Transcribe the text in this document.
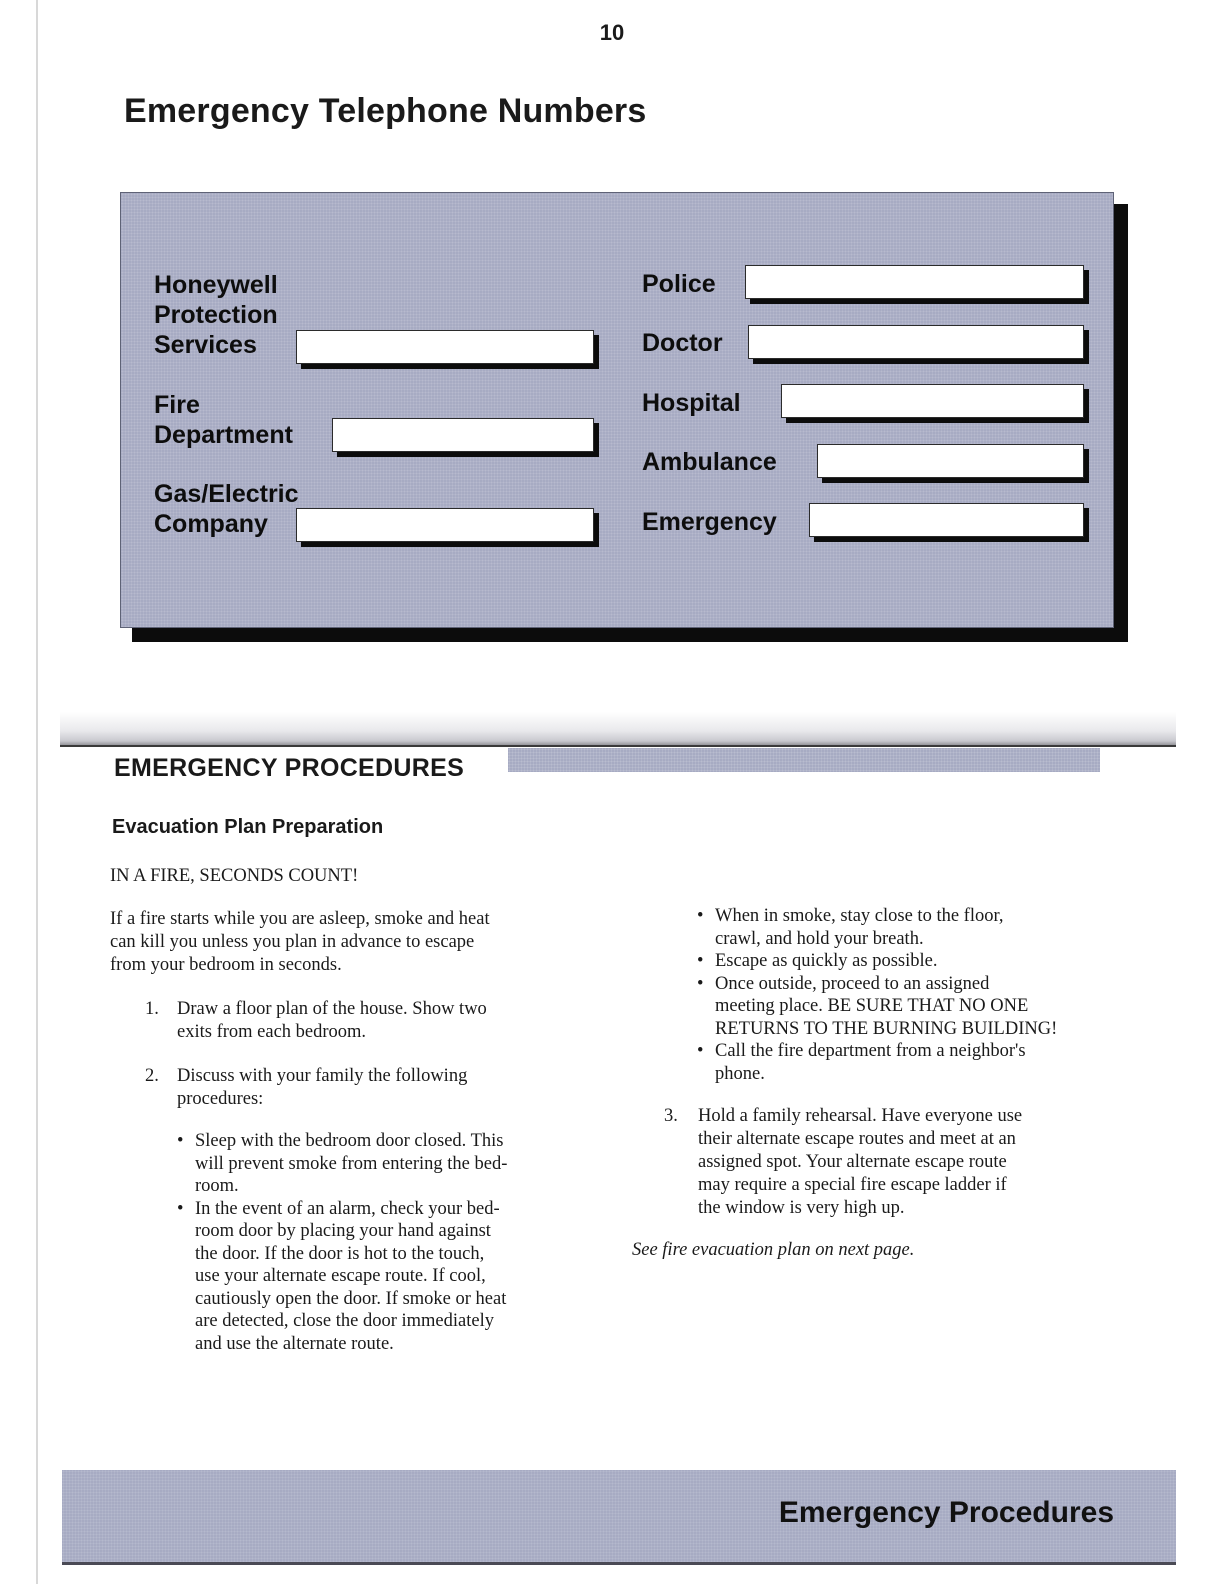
10
Emergency Telephone Numbers

Honeywell
Protection
Services

Fire
Department

Gas/Electric
Company

Police

Doctor

Hospital

Ambulance

Emergency

EMERGENCY PROCEDURES
Evacuation Plan Preparation

IN A FIRE, SECONDS COUNT!

If a fire starts while you are asleep, smoke and heat
can kill you unless you plan in advance to escape
from your bedroom in seconds.

1. Draw a floor plan of the house. Show two
exits from each bedroom.
2. Discuss with your family the following
procedures:
• Sleep with the bedroom door closed. This
will prevent smoke from entering the bed-
room.
• In the event of an alarm, check your bed-
room door by placing your hand against
the door. If the door is hot to the touch,
use your alternate escape route. If cool,
cautiously open the door. If smoke or heat
are detected, close the door immediately
and use the alternate route.
• When in smoke, stay close to the floor,
crawl, and hold your breath.
• Escape as quickly as possible.
• Once outside, proceed to an assigned
meeting place. BE SURE THAT NO ONE
RETURNS TO THE BURNING BUILDING!
• Call the fire department from a neighbor's
phone.
3. Hold a family rehearsal. Have everyone use
their alternate escape routes and meet at an
assigned spot. Your alternate escape route
may require a special fire escape ladder if
the window is very high up.

See fire evacuation plan on next page.

Emergency Procedures
